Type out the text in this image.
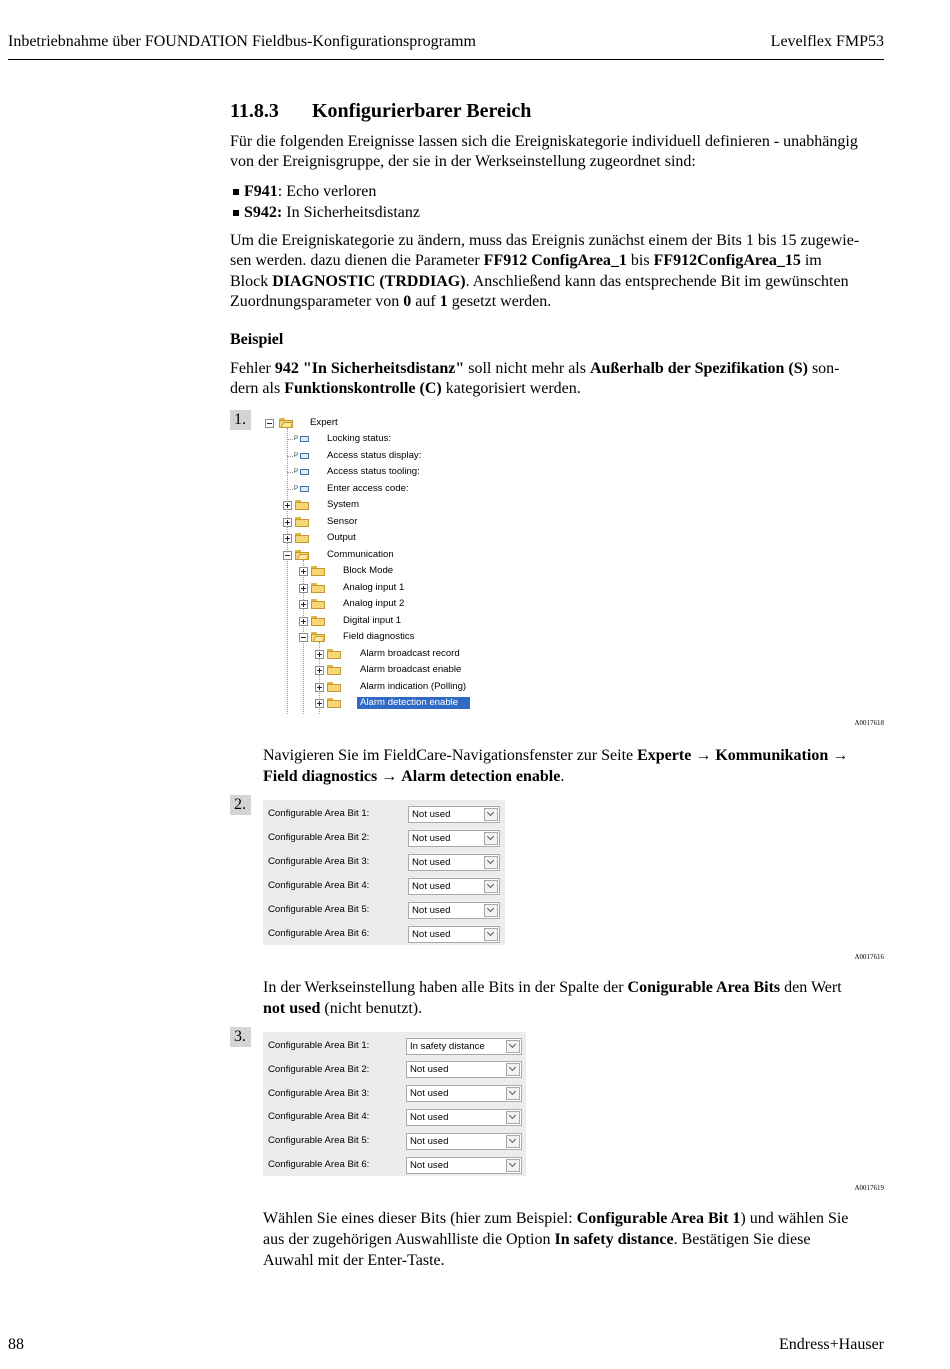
Inbetriebnahme über FOUNDATION Fieldbus-Konfigurationsprogramm	Levelflex FMP53
11.8.3 Konfigurierbarer Bereich
Für die folgenden Ereignisse lassen sich die Ereigniskategorie individuell definieren - unabhängig
von der Ereignisgruppe, der sie in der Werkseinstellung zugeordnet sind:
F941: Echo verloren
S942: In Sicherheitsdistanz
Um die Ereigniskategorie zu ändern, muss das Ereignis zunächst einem der Bits 1 bis 15 zugewie-
sen werden. dazu dienen die Parameter FF912 ConfigArea_1 bis FF912ConfigArea_15 im
Block DIAGNOSTIC (TRDDIAG). Anschließend kann das entsprechende Bit im gewünschten
Zuordnungsparameter von 0 auf 1 gesetzt werden.
Beispiel
Fehler 942 "In Sicherheitsdistanz" soll nicht mehr als Außerhalb der Spezifikation (S) son-
dern als Funktionskontrolle (C) kategorisiert werden.
1.	Expert
P	Locking status:
P	Access status display:
P	Access status tooling:
P	Enter access code:
System
Sensor
Output
Communication
Block Mode
Analog input 1
Analog input 2
Digital input 1
Field diagnostics
Alarm broadcast record
Alarm broadcast enable
Alarm indication (Polling)
Alarm detection enable
A0017618
Navigieren Sie im FieldCare-Navigationsfenster zur Seite Experte → Kommunikation →
Field diagnostics → Alarm detection enable.
2.
Configurable Area Bit 1:	Not used
Configurable Area Bit 2:	Not used
Configurable Area Bit 3:	Not used
Configurable Area Bit 4:	Not used
Configurable Area Bit 5:	Not used
Configurable Area Bit 6:	Not used
A0017616
In der Werkseinstellung haben alle Bits in der Spalte der Conigurable Area Bits den Wert
not used (nicht benutzt).
3.
Configurable Area Bit 1:	In safety distance
Configurable Area Bit 2:	Not used
Configurable Area Bit 3:	Not used
Configurable Area Bit 4:	Not used
Configurable Area Bit 5:	Not used
Configurable Area Bit 6:	Not used
A0017619
Wählen Sie eines dieser Bits (hier zum Beispiel: Configurable Area Bit 1) und wählen Sie
aus der zugehörigen Auswahlliste die Option In safety distance. Bestätigen Sie diese
Auwahl mit der Enter-Taste.
88	Endress+Hauser
